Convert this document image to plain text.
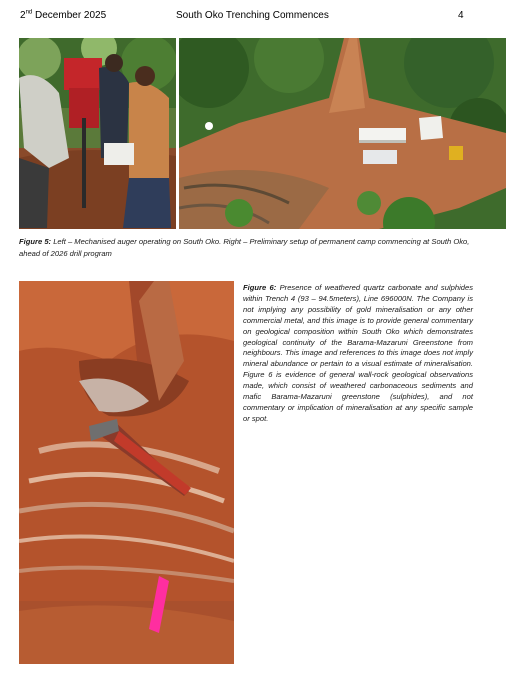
2nd December 2025	South Oko Trenching Commences	4
Figure 5: Left – Mechanised auger operating on South Oko. Right – Preliminary setup of permanent camp commencing at South Oko, ahead of 2026 drill program
Figure 6: Presence of weathered quartz carbonate and sulphides within Trench 4 (93 – 94.5meters), Line 696000N. The Company is not implying any possibility of gold mineralisation or any other commercial metal, and this image is to provide general commentary on geological composition within South Oko which demonstrates geological continuity of the Barama-Mazaruni Greenstone from neighbours. This image and references to this image does not imply mineral abundance or pertain to a visual estimate of mineralisation. Figure 6 is evidence of general wall-rock geological observations made, which consist of weathered carbonaceous sediments and mafic Barama-Mazaruni greenstone (sulphides), and not commentary or implication of mineralisation at any specific sample or spot.
